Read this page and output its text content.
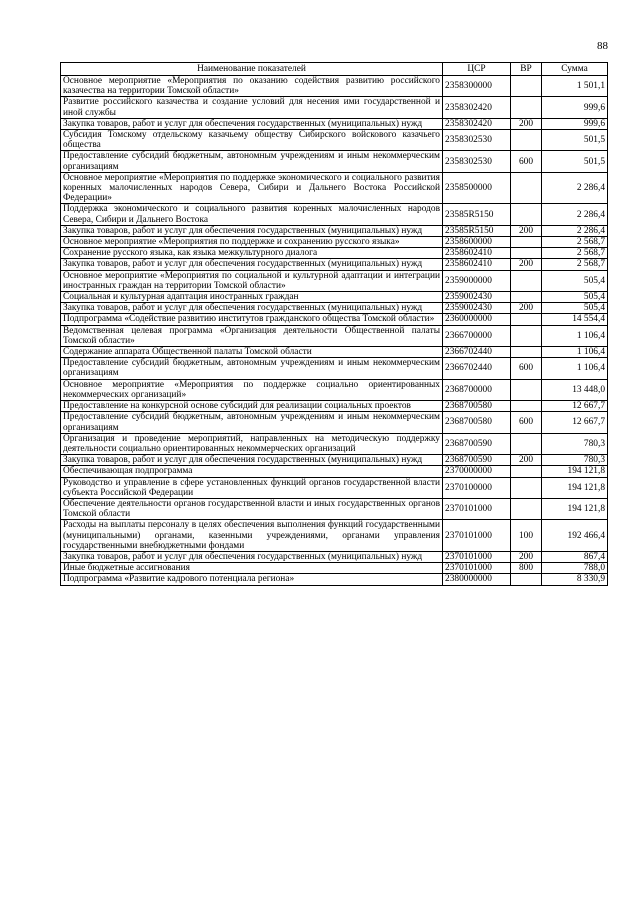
88
Наименование показателей	ЦСР	ВР	Сумма
Основное мероприятие «Мероприятия по оказанию содействия развитию российского казачества на территории Томской области»	2358300000		1 501,1
Развитие российского казачества и создание условий для несения ими государственной и иной службы	2358302420		999,6
Закупка товаров, работ и услуг для обеспечения государственных (муниципальных) нужд	2358302420	200	999,6
Субсидия Томскому отдельскому казачьему обществу Сибирского войскового казачьего общества	2358302530		501,5
Предоставление субсидий бюджетным, автономным учреждениям и иным некоммерческим организациям	2358302530	600	501,5
Основное мероприятие «Мероприятия по поддержке экономического и социального развития коренных малочисленных народов Севера, Сибири и Дальнего Востока Российской Федерации»	2358500000		2 286,4
Поддержка экономического и социального развития коренных малочисленных народов Севера, Сибири и Дальнего Востока	23585R5150		2 286,4
Закупка товаров, работ и услуг для обеспечения государственных (муниципальных) нужд	23585R5150	200	2 286,4
Основное мероприятие «Мероприятия по поддержке и сохранению русского языка»	2358600000		2 568,7
Сохранение русского языка, как языка межкультурного диалога	2358602410		2 568,7
Закупка товаров, работ и услуг для обеспечения государственных (муниципальных) нужд	2358602410	200	2 568,7
Основное мероприятие «Мероприятия по социальной и культурной адаптации и интеграции иностранных граждан на территории Томской области»	2359000000		505,4
Социальная и культурная адаптация иностранных граждан	2359002430		505,4
Закупка товаров, работ и услуг для обеспечения государственных (муниципальных) нужд	2359002430	200	505,4
Подпрограмма «Содействие развитию институтов гражданского общества Томской области»	2360000000		14 554,4
Ведомственная целевая программа «Организация деятельности Общественной палаты Томской области»	2366700000		1 106,4
Содержание аппарата Общественной палаты Томской области	2366702440		1 106,4
Предоставление субсидий бюджетным, автономным учреждениям и иным некоммерческим организациям	2366702440	600	1 106,4
Основное мероприятие «Мероприятия по поддержке социально ориентированных некоммерческих организаций»	2368700000		13 448,0
Предоставление на конкурсной основе субсидий для реализации социальных проектов	2368700580		12 667,7
Предоставление субсидий бюджетным, автономным учреждениям и иным некоммерческим организациям	2368700580	600	12 667,7
Организация и проведение мероприятий, направленных на методическую поддержку деятельности социально ориентированных некоммерческих организаций	2368700590		780,3
Закупка товаров, работ и услуг для обеспечения государственных (муниципальных) нужд	2368700590	200	780,3
Обеспечивающая подпрограмма	2370000000		194 121,8
Руководство и управление в сфере установленных функций органов государственной власти субъекта Российской Федерации	2370100000		194 121,8
Обеспечение деятельности органов государственной власти и иных государственных органов Томской области	2370101000		194 121,8
Расходы на выплаты персоналу в целях обеспечения выполнения функций государственными (муниципальными) органами, казенными учреждениями, органами управления государственными внебюджетными фондами	2370101000	100	192 466,4
Закупка товаров, работ и услуг для обеспечения государственных (муниципальных) нужд	2370101000	200	867,4
Иные бюджетные ассигнования	2370101000	800	788,0
Подпрограмма «Развитие кадрового потенциала региона»	2380000000		8 330,9
